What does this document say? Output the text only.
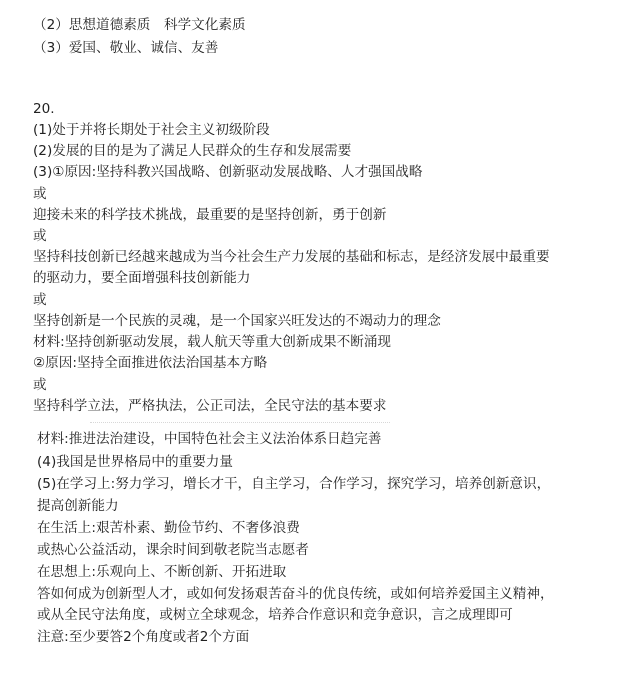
（2）思想道德素质　科学文化素质
（3）爱国、敬业、诚信、友善
20.
(1)处于并将长期处于社会主义初级阶段
(2)发展的目的是为了满足人民群众的生存和发展需要
(3)①原因:坚持科教兴国战略、创新驱动发展战略、人才强国战略
或
迎接未来的科学技术挑战，最重要的是坚持创新，勇于创新
或
坚持科技创新已经越来越成为当今社会生产力发展的基础和标志，是经济发展中最重要
的驱动力，要全面增强科技创新能力
或
坚持创新是一个民族的灵魂，是一个国家兴旺发达的不竭动力的理念
材料:坚持创新驱动发展，载人航天等重大创新成果不断涌现
②原因:坚持全面推进依法治国基本方略
或
坚持科学立法，严格执法，公正司法，全民守法的基本要求
材料:推进法治建设，中国特色社会主义法治体系日趋完善
(4)我国是世界格局中的重要力量
(5)在学习上:努力学习，增长才干，自主学习，合作学习，探究学习，培养创新意识，
提高创新能力
在生活上:艰苦朴素、勤俭节约、不奢侈浪费
或热心公益活动，课余时间到敬老院当志愿者
在思想上:乐观向上、不断创新、开拓进取
答如何成为创新型人才，或如何发扬艰苦奋斗的优良传统，或如何培养爱国主义精神，
或从全民守法角度，或树立全球观念，培养合作意识和竞争意识，言之成理即可
注意:至少要答2个角度或者2个方面
